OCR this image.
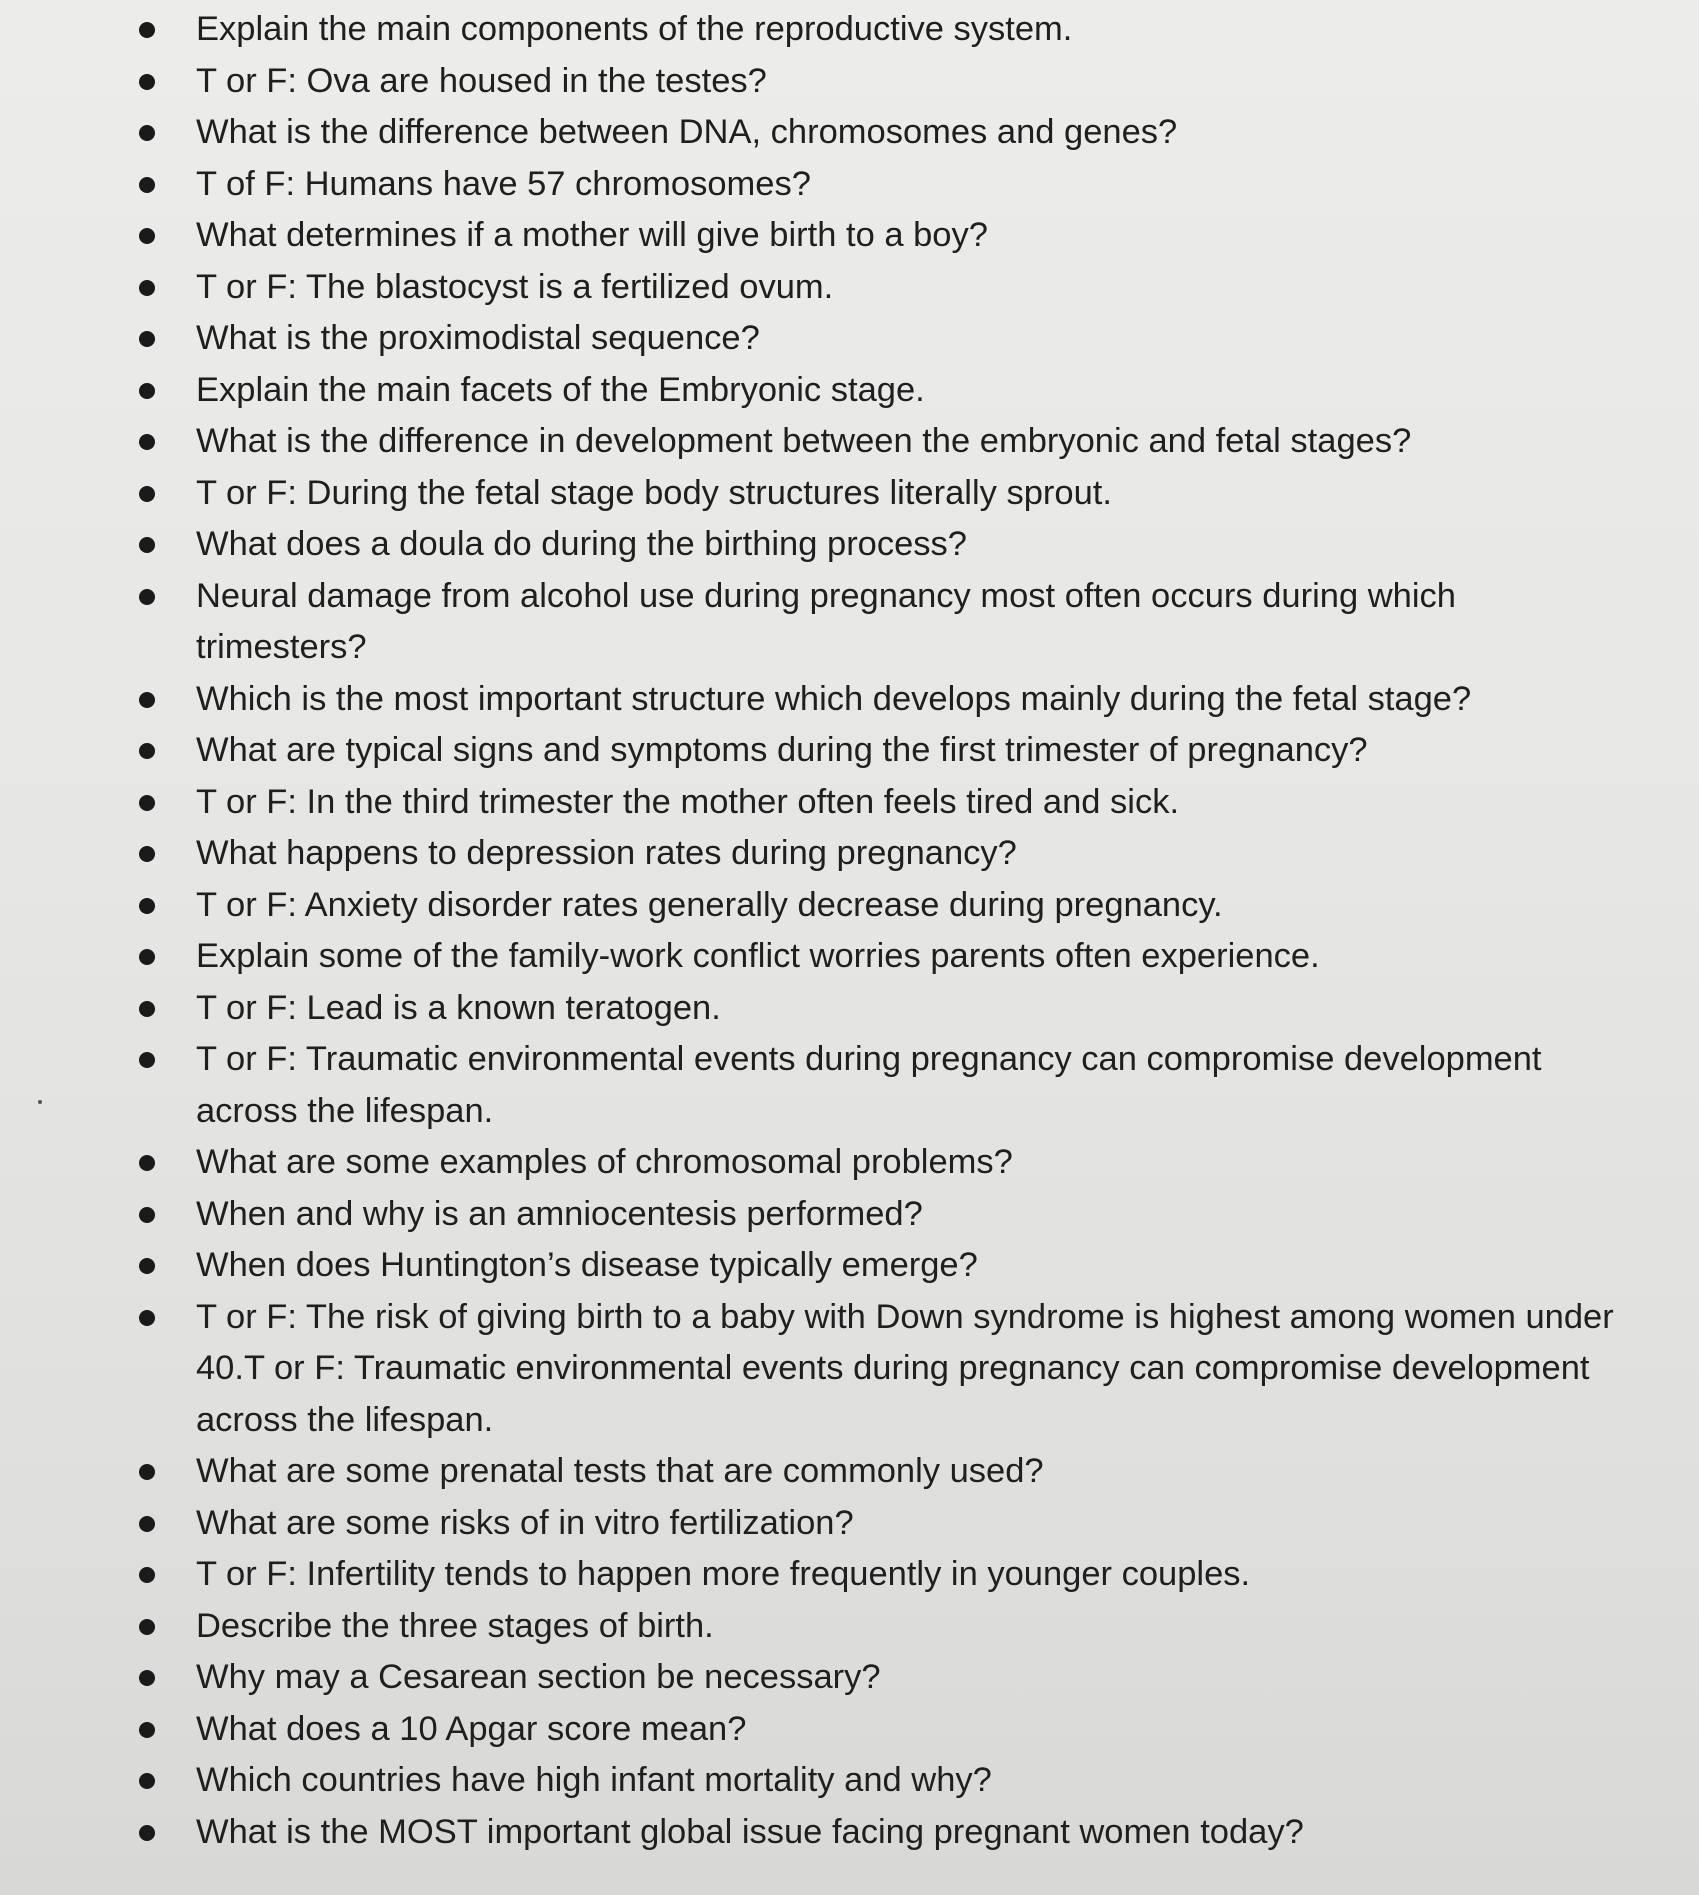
Explain the main components of the reproductive system.
T or F: Ova are housed in the testes?
What is the difference between DNA, chromosomes and genes?
T of F: Humans have 57 chromosomes?
What determines if a mother will give birth to a boy?
T or F: The blastocyst is a fertilized ovum.
What is the proximodistal sequence?
Explain the main facets of the Embryonic stage.
What is the difference in development between the embryonic and fetal stages?
T or F: During the fetal stage body structures literally sprout.
What does a doula do during the birthing process?
Neural damage from alcohol use during pregnancy most often occurs during which trimesters?
Which is the most important structure which develops mainly during the fetal stage?
What are typical signs and symptoms during the first trimester of pregnancy?
T or F: In the third trimester the mother often feels tired and sick.
What happens to depression rates during pregnancy?
T or F: Anxiety disorder rates generally decrease during pregnancy.
Explain some of the family-work conflict worries parents often experience.
T or F: Lead is a known teratogen.
T or F: Traumatic environmental events during pregnancy can compromise development across the lifespan.
What are some examples of chromosomal problems?
When and why is an amniocentesis performed?
When does Huntington’s disease typically emerge?
T or F: The risk of giving birth to a baby with Down syndrome is highest among women under 40.T or F: Traumatic environmental events during pregnancy can compromise development across the lifespan.
What are some prenatal tests that are commonly used?
What are some risks of in vitro fertilization?
T or F: Infertility tends to happen more frequently in younger couples.
Describe the three stages of birth.
Why may a Cesarean section be necessary?
What does a 10 Apgar score mean?
Which countries have high infant mortality and why?
What is the MOST important global issue facing pregnant women today?
